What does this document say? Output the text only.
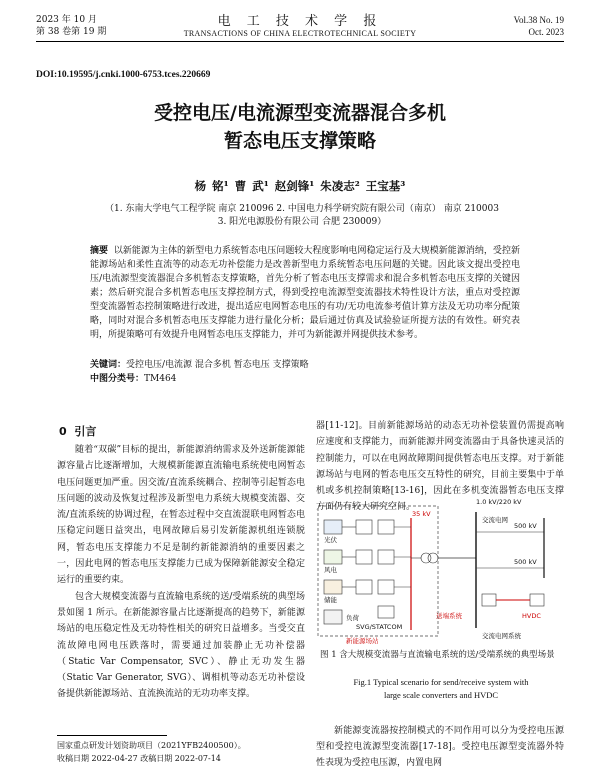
2023 年 10 月
第 38 卷第 19 期
电 工 技 术 学 报
TRANSACTIONS OF CHINA ELECTROTECHNICAL SOCIETY
Vol.38 No. 19
Oct. 2023
DOI:10.19595/j.cnki.1000-6753.tces.220669
受控电压/电流源型变流器混合多机
暂态电压支撑策略
杨 铭¹ 曹 武¹ 赵剑锋¹ 朱凌志² 王宝基³
（1. 东南大学电气工程学院 南京 210096 2. 中国电力科学研究院有限公司（南京） 南京 210003
3. 阳光电源股份有限公司 合肥 230009）
摘要 以新能源为主体的新型电力系统暂态电压问题较大程度影响电网稳定运行及大规模新能源消纳，受控新能源场站和柔性直流等的动态无功补偿能力是改善新型电力系统暂态电压问题的关键。因此该文提出受控电压/电流源型变流器混合多机暂态支撑策略，首先分析了暂态电压支撑需求和混合多机暂态电压支撑的关键因素；然后研究混合多机暂态电压支撑控制方式，得到受控电流源型变流器技术特性设计方法，重点对受控源型变流器暂态控制策略进行改进，提出适应电网暂态电压的有功/无功电流参考值计算方法及无功功率分配策略，同时对混合多机暂态电压支撑能力进行量化分析；最后通过仿真及试验验证所提方法的有效性。研究表明，所提策略可有效提升电网暂态电压支撑能力，并可为新能源并网提供技术参考。
关键词：受控电压/电流源 混合多机 暂态电压 支撑策略
中图分类号：TM464
0 引言

随着“双碳”目标的提出，新能源消纳需求及外送新能源能源容量占比逐渐增加，大规模新能源直流输电系统使电网暂态电压问题更加严重。因交流/直流系统耦合、控制等引起暂态电压问题的波动及恢复过程涉及新型电力系统大规模变流器、交流/直流系统的协调过程，在暂态过程中交直流混联电网暂态电压稳定问题日益突出，电网故障后易引发新能源机组连锁脱网，暂态电压支撑能力不足是制约新能源消纳的重要因素之一，因此电网的暂态电压支撑能力已成为保障新能源安全稳定运行的重要约束。

包含大规模变流器与直流输电系统的送/受端系统的典型场景如图 1 所示。在新能源容量占比逐渐提高的趋势下，新能源场站的电压稳定性及无功特性相关的研究日益增多。当受交直流故障电网电压跌落时，需要通过加装静止无功补偿器（Static Var Compensator, SVC）、静止无功发生器（Static Var Generator, SVG）、调相机等动态无功补偿设备提供新能源场站、直流换流站的无功功率支撑。

器[11-12]。目前新能源场站的动态无功补偿装置仍需提高响应速度和支撑能力，而新能源并网变流器由于具备快速灵活的控制能力，可以在电网故障期间提供暂态电压支撑。对于新能源场站与电网的暂态电压交互特性的研究，目前主要集中于单机或多机控制策略[13-16]，因此在多机变流器暂态电压支撑方面仍有较大研究空间。

1.0 kV/220 kV
35 kV
光伏
风电
储能
负荷
SVG/STATCOM
新能源场站
交流电网
500 kV
500 kV
HVDC
送端系统
交流电网系统
图 1 含大规模变流器与直流输电系统的送/受端系统的典型场景
Fig.1 Typical scenario for send/receive system with
large scale converters and HVDC

新能源变流器按控制模式的不同作用可以分为受控电压源型和受控电流源型变流器[17-18]。受控电压源型变流器外特性表现为受控电压源，内置电网

国家重点研发计划资助项目（2021YFB2400500）。
收稿日期 2022-04-27 改稿日期 2022-07-14
